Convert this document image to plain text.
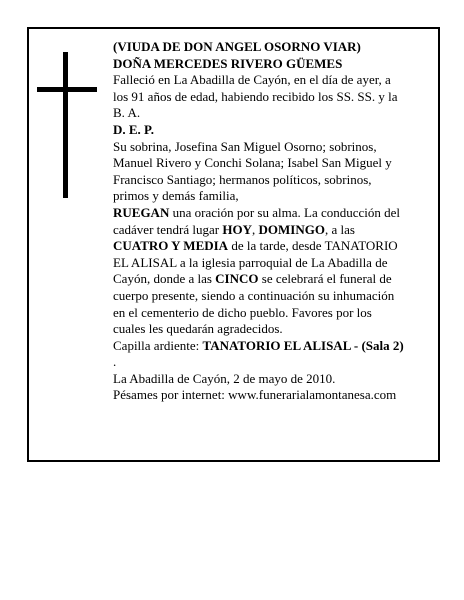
(VIUDA DE DON ANGEL OSORNO VIAR)

DOÑA MERCEDES RIVERO GÜEMES

Falleció en La Abadilla de Cayón, en el día de ayer, a

los 91 años de edad, habiendo recibido los SS. SS. y la

B. A.

D. E. P.

Su sobrina, Josefina San Miguel Osorno; sobrinos,

Manuel Rivero y Conchi Solana; Isabel San Miguel y

Francisco Santiago; hermanos políticos, sobrinos,

primos y demás familia,

RUEGAN una oración por su alma. La conducción del

cadáver tendrá lugar HOY, DOMINGO, a las

CUATRO Y MEDIA de la tarde, desde TANATORIO

EL ALISAL a la iglesia parroquial de La Abadilla de

Cayón, donde a las CINCO se celebrará el funeral de

cuerpo presente, siendo a continuación su inhumación

en el cementerio de dicho pueblo. Favores por los

cuales les quedarán agradecidos.

Capilla ardiente: TANATORIO EL ALISAL - (Sala 2)

.

La Abadilla de Cayón, 2 de mayo de 2010.

Pésames por internet: www.funerarialamontanesa.com
